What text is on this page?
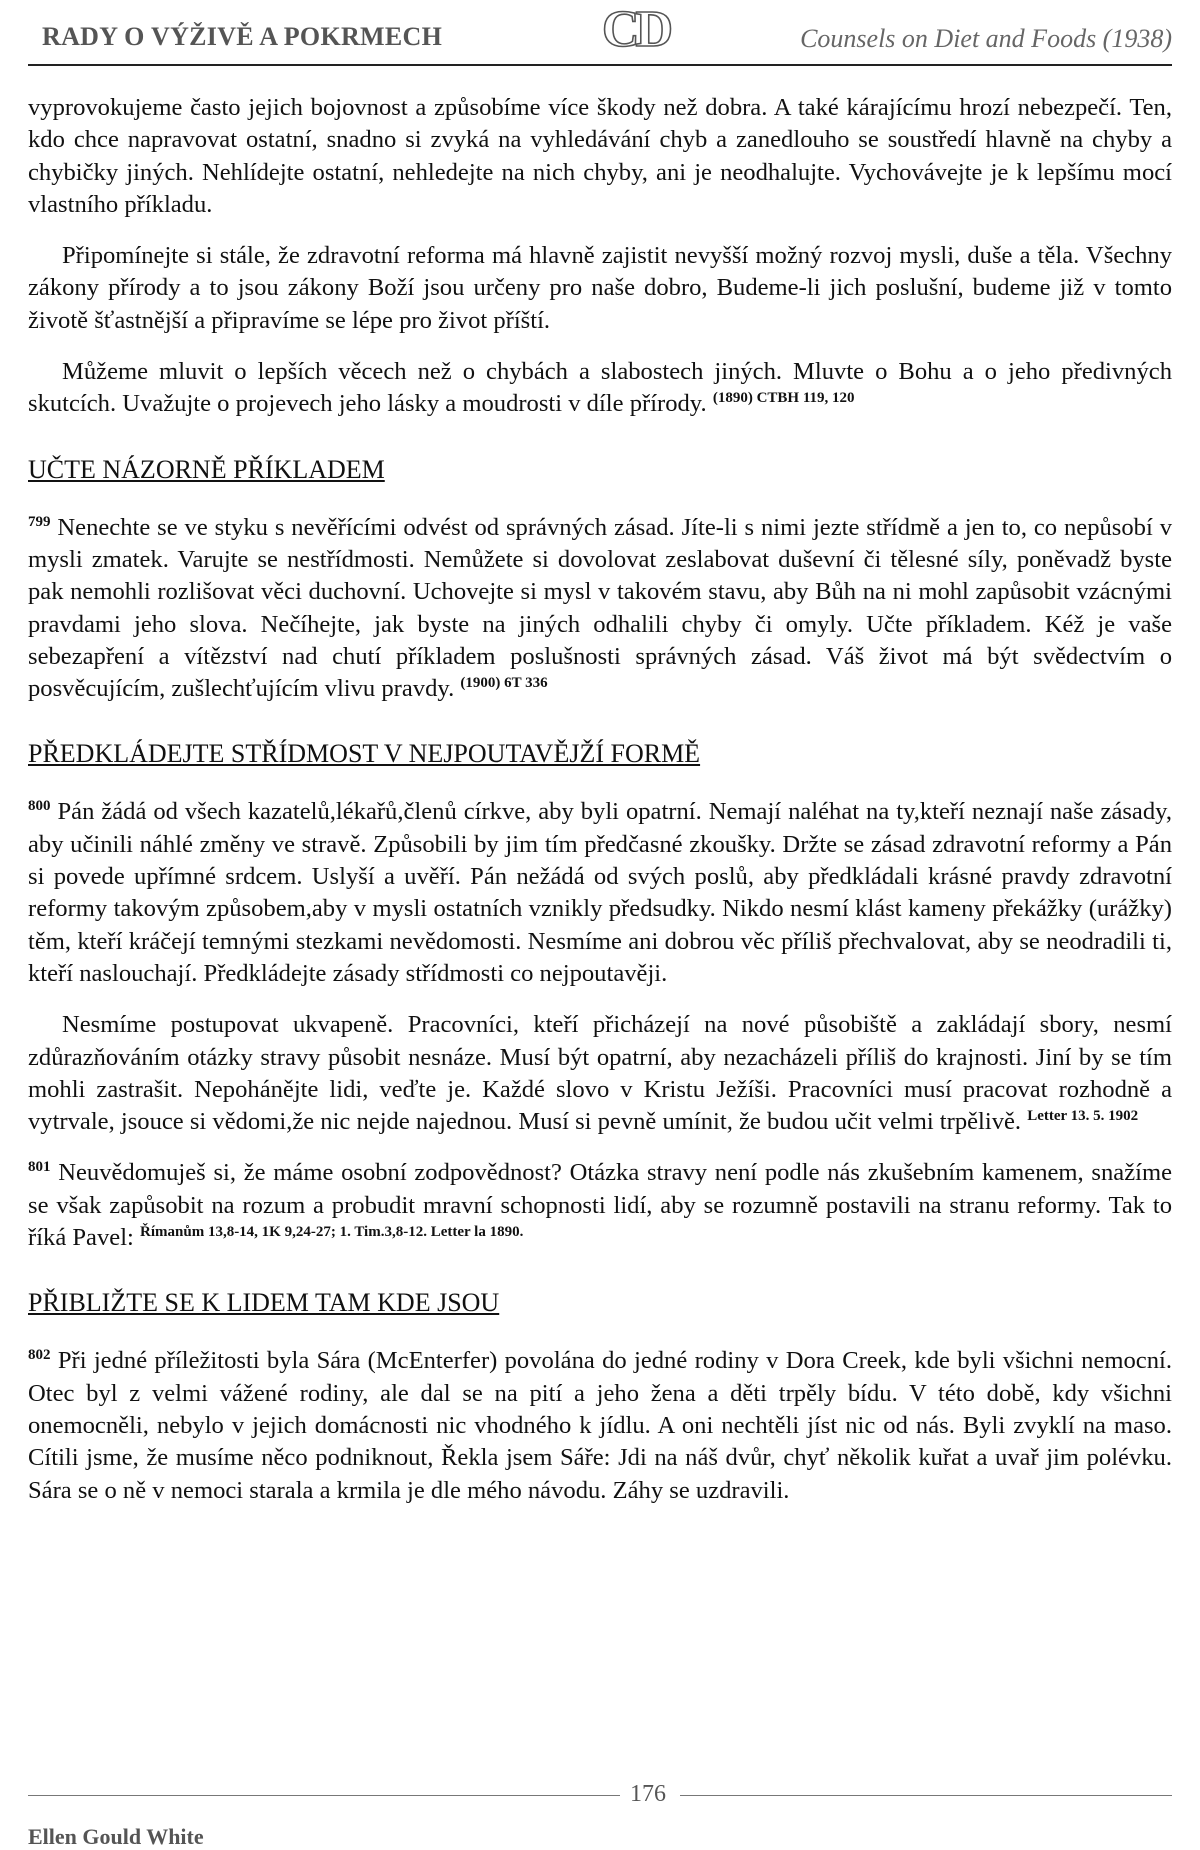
RADY O VÝŽIVĚ A POKRMECH	CD	Counsels on Diet and Foods (1938)

vyprovokujeme často jejich bojovnost a způsobíme více škody než dobra. A také kárajícímu hrozí nebezpečí. Ten, kdo chce napravovat ostatní, snadno si zvyká na vyhledávání chyb a zanedlouho se soustředí hlavně na chyby a chybičky jiných. Nehlídejte ostatní, nehledejte na nich chyby, ani je neodhalujte. Vychovávejte je k lepšímu mocí vlastního příkladu.

Připomínejte si stále, že zdravotní reforma má hlavně zajistit nevyšší možný rozvoj mysli, duše a těla. Všechny zákony přírody a to jsou zákony Boží jsou určeny pro naše dobro, Budeme-li jich poslušní, budeme již v tomto životě šťastnější a připravíme se lépe pro život příští.

Můžeme mluvit o lepších věcech než o chybách a slabostech jiných. Mluvte o Bohu a o jeho předivných skutcích. Uvažujte o projevech jeho lásky a moudrosti v díle přírody. $^{(1890) CTBH 119, 120}$

UČTE NÁZORNĚ PŘÍKLADEM

$^{799}$ Nenechte se ve styku s nevěřícími odvést od správných zásad. Jíte-li s nimi jezte střídmě a jen to, co nepůsobí v mysli zmatek. Varujte se nestřídmosti. Nemůžete si dovolovat zeslabovat duševní či tělesné síly, poněvadž byste pak nemohli rozlišovat věci duchovní. Uchovejte si mysl v takovém stavu, aby Bůh na ni mohl zapůsobit vzácnými pravdami jeho slova. Nečíhejte, jak byste na jiných odhalili chyby či omyly. Učte příkladem. Kéž je vaše sebezapření a vítězství nad chutí příkladem poslušnosti správných zásad. Váš život má být svědectvím o posvěcujícím, zušlechťujícím vlivu pravdy. $^{(1900) 6T 336}$

PŘEDKLÁDEJTE STŘÍDMOST V NEJPOUTAVĚJŽÍ FORMĚ

$^{800}$ Pán žádá od všech kazatelů,lékařů,členů církve, aby byli opatrní. Nemají naléhat na ty,kteří neznají naše zásady, aby učinili náhlé změny ve stravě. Způsobili by jim tím předčasné zkoušky. Držte se zásad zdravotní reformy a Pán si povede upřímné srdcem. Uslyší a uvěří. Pán nežádá od svých poslů, aby předkládali krásné pravdy zdravotní reformy takovým způsobem,aby v mysli ostatních vznikly předsudky. Nikdo nesmí klást kameny překážky (urážky) těm, kteří kráčejí temnými stezkami nevědomosti. Nesmíme ani dobrou věc příliš přechvalovat, aby se neodradili ti, kteří naslouchají. Předkládejte zásady střídmosti co nejpoutavěji.

Nesmíme postupovat ukvapeně. Pracovníci, kteří přicházejí na nové působiště a zakládají sbory, nesmí zdůrazňováním otázky stravy působit nesnáze. Musí být opatrní, aby nezacházeli příliš do krajnosti. Jiní by se tím mohli zastrašit. Nepoháněјte lidi, veďte je. Každé slovo v Kristu Ježíši. Pracovníci musí pracovat rozhodně a vytrvale, jsouce si vědomi,že nic nejde najednou. Musí si pevně umínit, že budou učit velmi trpělivě. $^{Letter 13. 5. 1902}$

$^{801}$ Neuvědomuješ si, že máme osobní zodpovědnost? Otázka stravy není podle nás zkušebním kamenem, snažíme se však zapůsobit na rozum a probudit mravní schopnosti lidí, aby se rozumně postavili na stranu reformy. Tak to říká Pavel: $^{Římanům 13,8-14, 1K 9,24-27; 1. Tim.3,8-12. Letter la 1890.}$

PŘIBLIŽTE SE K LIDEM TAM KDE JSOU

$^{802}$ Při jedné příležitosti byla Sára (McEnterfer) povolána do jedné rodiny v Dora Creek, kde byli všichni nemocní. Otec byl z velmi vážené rodiny, ale dal se na pití a jeho žena a děti trpěly bídu. V této době, kdy všichni onemocněli, nebylo v jejich domácnosti nic vhodného k jídlu. A oni nechtěli jíst nic od nás. Byli zvyklí na maso. Cítili jsme, že musíme něco podniknout, Řekla jsem Sáře: Jdi na náš dvůr, chyť několik kuřat a uvař jim polévku. Sára se o ně v nemoci starala a krmila je dle mého návodu. Záhy se uzdravili.

176
Ellen Gould White
